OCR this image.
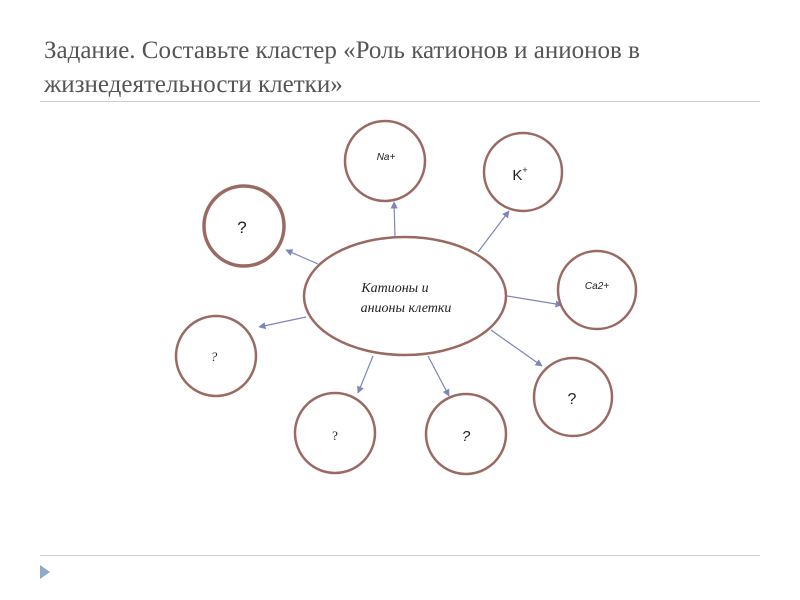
Задание. Составьте кластер «Роль катионов и анионов в жизнедеятельности клетки»
Катионы и
анионы клетки
Na+
K+
Ca2+
?
?
?	?
?
